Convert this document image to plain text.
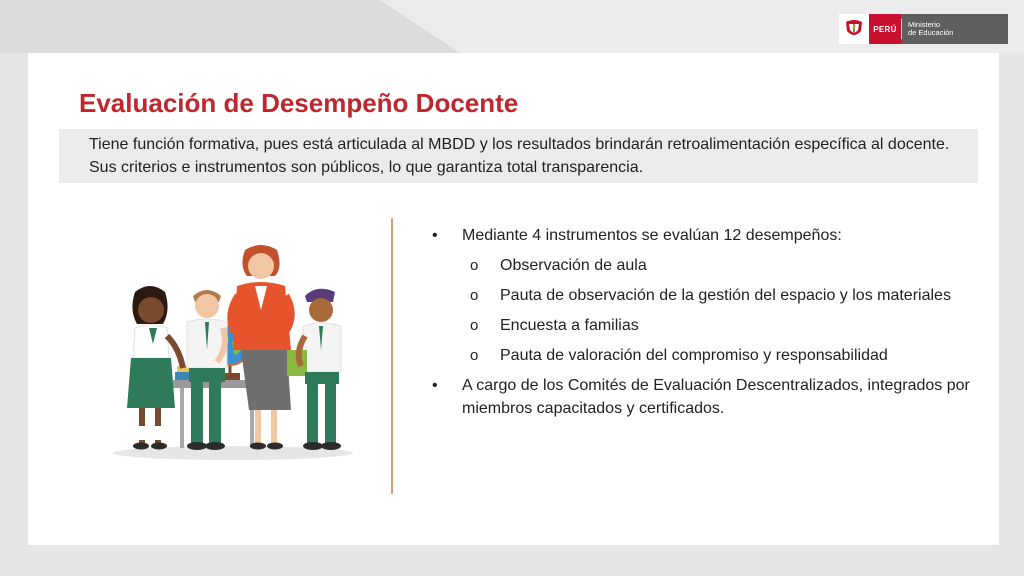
PERÚ	Ministerio
de Educación
Evaluación de Desempeño Docente

Tiene función formativa, pues está articulada al MBDD y los resultados brindarán retroalimentación específica al docente. Sus criterios e instrumentos son públicos, lo que garantiza total transparencia.

• Mediante 4 instrumentos se evalúan 12 desempeños:
o Observación de aula
o Pauta de observación de la gestión del espacio y los materiales
o Encuesta a familias
o Pauta de valoración del compromiso y responsabilidad
• A cargo de los Comités de Evaluación Descentralizados, integrados por miembros capacitados y certificados.
